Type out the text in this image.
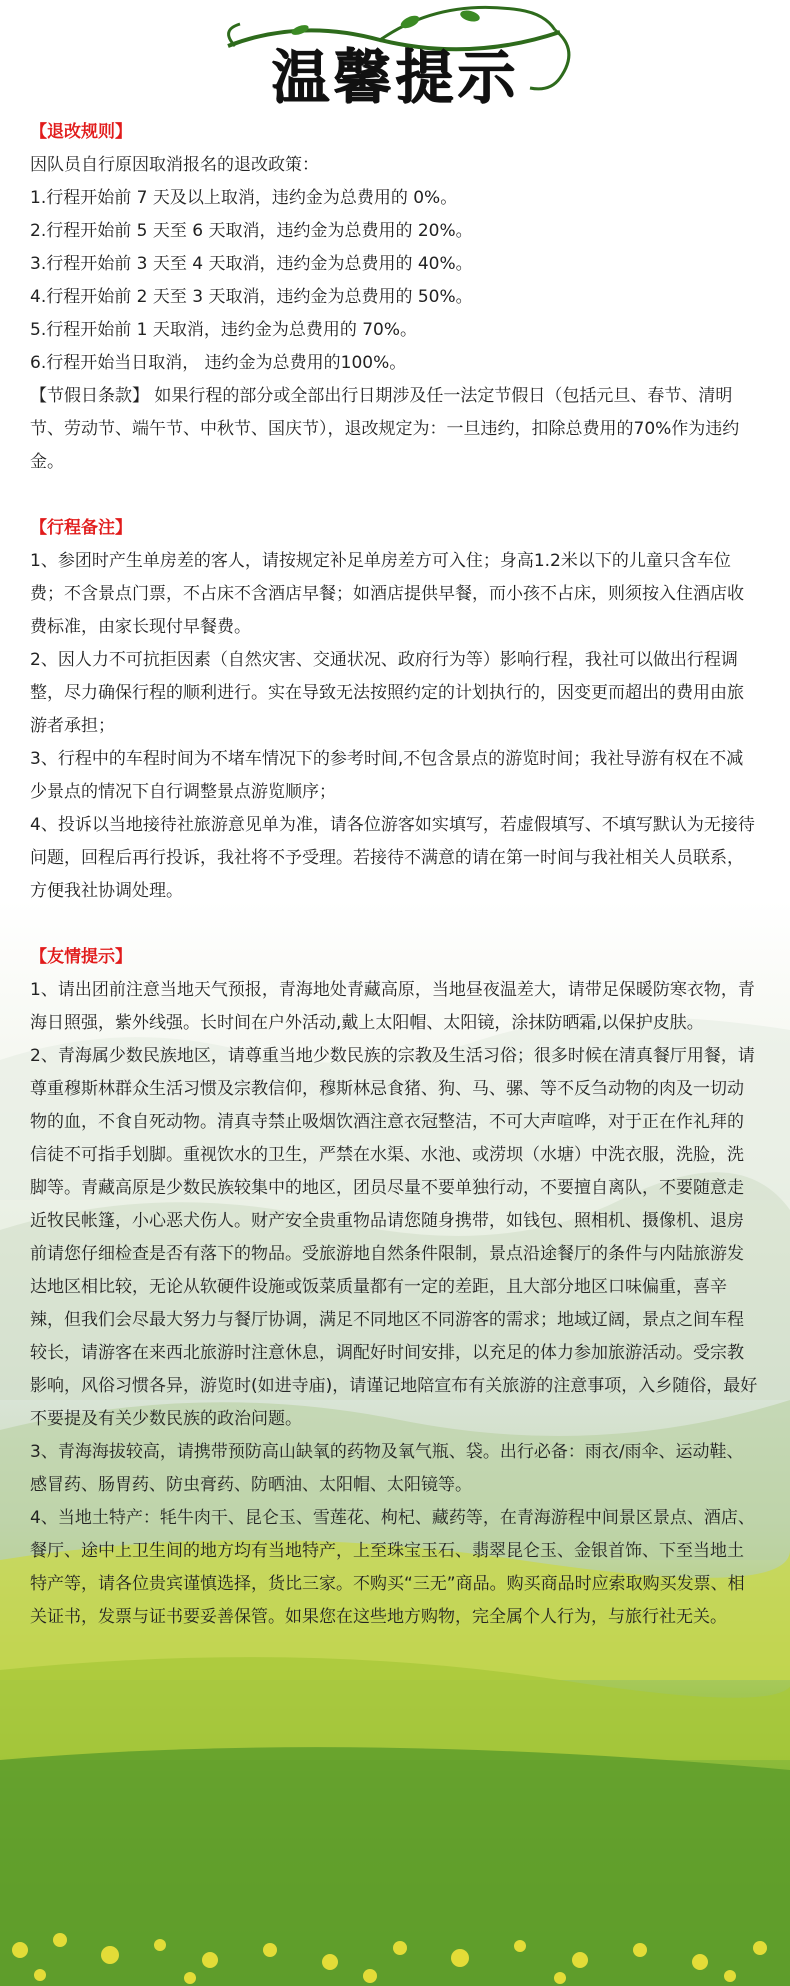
温馨提示
【退改规则】

因队员自行原因取消报名的退改政策：

1.行程开始前 7 天及以上取消，违约金为总费用的 0%。

2.行程开始前 5 天至 6 天取消，违约金为总费用的 20%。

3.行程开始前 3 天至 4 天取消，违约金为总费用的 40%。

4.行程开始前 2 天至 3 天取消，违约金为总费用的 50%。

5.行程开始前 1 天取消，违约金为总费用的 70%。

6.行程开始当日取消， 违约金为总费用的100%。

【节假日条款】 如果行程的部分或全部出行日期涉及任一法定节假日（包括元旦、春节、清明节、劳动节、端午节、中秋节、国庆节），退改规定为：一旦违约，扣除总费用的70%作为违约金。

【行程备注】

1、参团时产生单房差的客人，请按规定补足单房差方可入住；身高1.2米以下的儿童只含车位费；不含景点门票，不占床不含酒店早餐；如酒店提供早餐，而小孩不占床，则须按入住酒店收费标准，由家长现付早餐费。

2、因人力不可抗拒因素（自然灾害、交通状况、政府行为等）影响行程，我社可以做出行程调整，尽力确保行程的顺利进行。实在导致无法按照约定的计划执行的，因变更而超出的费用由旅游者承担；

3、行程中的车程时间为不堵车情况下的参考时间,不包含景点的游览时间；我社导游有权在不减少景点的情况下自行调整景点游览顺序；

4、投诉以当地接待社旅游意见单为准，请各位游客如实填写，若虚假填写、不填写默认为无接待问题，回程后再行投诉，我社将不予受理。若接待不满意的请在第一时间与我社相关人员联系，方便我社协调处理。

【友情提示】

1、请出团前注意当地天气预报，青海地处青藏高原，当地昼夜温差大，请带足保暖防寒衣物，青海日照强，紫外线强。长时间在户外活动,戴上太阳帽、太阳镜，涂抹防晒霜,以保护皮肤。

2、青海属少数民族地区，请尊重当地少数民族的宗教及生活习俗；很多时候在清真餐厅用餐，请尊重穆斯林群众生活习惯及宗教信仰，穆斯林忌食猪、狗、马、骡、等不反刍动物的肉及一切动物的血，不食自死动物。清真寺禁止吸烟饮酒注意衣冠整洁，不可大声喧哗，对于正在作礼拜的信徒不可指手划脚。重视饮水的卫生，严禁在水渠、水池、或涝坝（水塘）中洗衣服，洗脸，洗脚等。青藏高原是少数民族较集中的地区，团员尽量不要单独行动，不要擅自离队，不要随意走近牧民帐篷，小心恶犬伤人。财产安全贵重物品请您随身携带，如钱包、照相机、摄像机、退房前请您仔细检查是否有落下的物品。受旅游地自然条件限制，景点沿途餐厅的条件与内陆旅游发达地区相比较，无论从软硬件设施或饭菜质量都有一定的差距，且大部分地区口味偏重，喜辛辣，但我们会尽最大努力与餐厅协调，满足不同地区不同游客的需求；地域辽阔，景点之间车程较长，请游客在来西北旅游时注意休息，调配好时间安排，以充足的体力参加旅游活动。受宗教影响，风俗习惯各异，游览时(如进寺庙)，请谨记地陪宣布有关旅游的注意事项，入乡随俗，最好不要提及有关少数民族的政治问题。

3、青海海拔较高，请携带预防高山缺氧的药物及氧气瓶、袋。出行必备：雨衣/雨伞、运动鞋、感冒药、肠胃药、防虫膏药、防晒油、太阳帽、太阳镜等。

4、当地土特产：牦牛肉干、昆仑玉、雪莲花、枸杞、藏药等，在青海游程中间景区景点、酒店、餐厅、途中上卫生间的地方均有当地特产，上至珠宝玉石、翡翠昆仑玉、金银首饰、下至当地土特产等，请各位贵宾谨慎选择，货比三家。不购买“三无”商品。购买商品时应索取购买发票、相关证书，发票与证书要妥善保管。如果您在这些地方购物，完全属个人行为，与旅行社无关。
